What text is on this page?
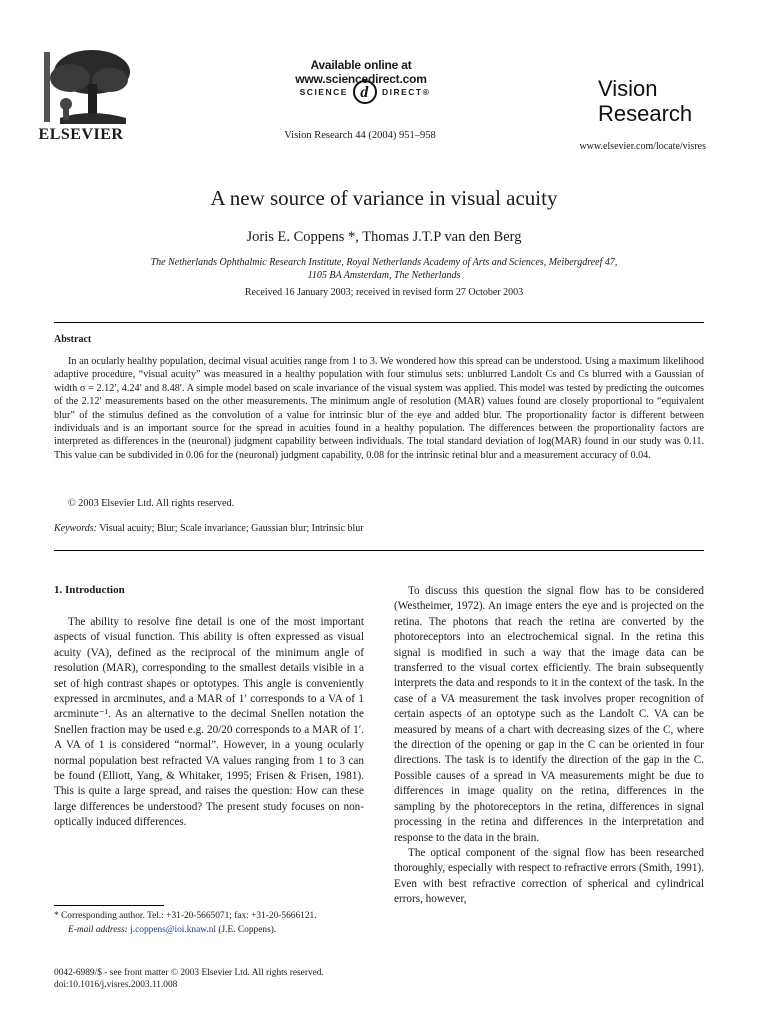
ELSEVIER
Available online at www.sciencedirect.com
SCIENCE d DIRECT®
Vision Research 44 (2004) 951–958
Vision
Research
www.elsevier.com/locate/visres
A new source of variance in visual acuity
Joris E. Coppens *, Thomas J.T.P van den Berg
The Netherlands Ophthalmic Research Institute, Royal Netherlands Academy of Arts and Sciences, Meibergdreef 47,
1105 BA Amsterdam, The Netherlands
Received 16 January 2003; received in revised form 27 October 2003
Abstract

In an ocularly healthy population, decimal visual acuities range from 1 to 3. We wondered how this spread can be understood. Using a maximum likelihood adaptive procedure, “visual acuity” was measured in a healthy population with four stimulus sets: unblurred Landolt Cs and Cs blurred with a Gaussian of width σ = 2.12′, 4.24′ and 8.48′. A simple model based on scale invariance of the visual system was applied. This model was tested by predicting the outcomes of the 2.12′ measurements based on the other measurements. The minimum angle of resolution (MAR) values found are closely proportional to “equivalent blur” of the stimulus defined as the convolution of a value for intrinsic blur of the eye and added blur. The proportionality factor is different between individuals and is an important source for the spread in acuities found in a healthy population. The differences between the proportionality factors are interpreted as differences in the (neuronal) judgment capability between individuals. The total standard deviation of log(MAR) found in our study was 0.11. This value can be subdivided in 0.06 for the (neuronal) judgment capability, 0.08 for the intrinsic retinal blur and a measurement accuracy of 0.04.

© 2003 Elsevier Ltd. All rights reserved.
Keywords: Visual acuity; Blur; Scale invariance; Gaussian blur; Intrinsic blur
1. Introduction

The ability to resolve fine detail is one of the most important aspects of visual function. This ability is often expressed as visual acuity (VA), defined as the reciprocal of the minimum angle of resolution (MAR), corresponding to the smallest details visible in a set of high contrast shapes or optotypes. This angle is conveniently expressed in arcminutes, and a MAR of 1′ corresponds to a VA of 1 arcminute⁻¹. As an alternative to the decimal Snellen notation the Snellen fraction may be used e.g. 20/20 corresponds to a MAR of 1′. A VA of 1 is considered “normal”. However, in a young ocularly normal population best refracted VA values ranging from 1 to 3 can be found (Elliott, Yang, & Whitaker, 1995; Frisen & Frisen, 1981). This is quite a large spread, and raises the question: How can these large differences be understood? The present study focuses on non-optically induced differences.

To discuss this question the signal flow has to be considered (Westheimer, 1972). An image enters the eye and is projected on the retina. The photons that reach the retina are converted by the photoreceptors into an electrochemical signal. In the retina this signal is modified in such a way that the image data can be transferred to the visual cortex efficiently. The brain subsequently interprets the data and responds to it in the context of the task. In the case of a VA measurement the task involves proper recognition of certain aspects of an optotype such as the Landolt C. VA can be measured by means of a chart with decreasing sizes of the C, where the direction of the opening or gap in the C can be oriented in four directions. The task is to identify the direction of the gap in the C. Possible causes of a spread in VA measurements might be due to differences in image quality on the retina, differences in the sampling by the photoreceptors in the retina, differences in signal processing in the retina and differences in the interpretation and response to the data in the brain.

The optical component of the signal flow has been researched thoroughly, especially with respect to refractive errors (Smith, 1991). Even with best refractive correction of spherical and cylindrical errors, however,

* Corresponding author. Tel.: +31-20-5665071; fax: +31-20-5666121.
E-mail address: j.coppens@ioi.knaw.nl (J.E. Coppens).
0042-6989/$ - see front matter © 2003 Elsevier Ltd. All rights reserved.
doi:10.1016/j.visres.2003.11.008
